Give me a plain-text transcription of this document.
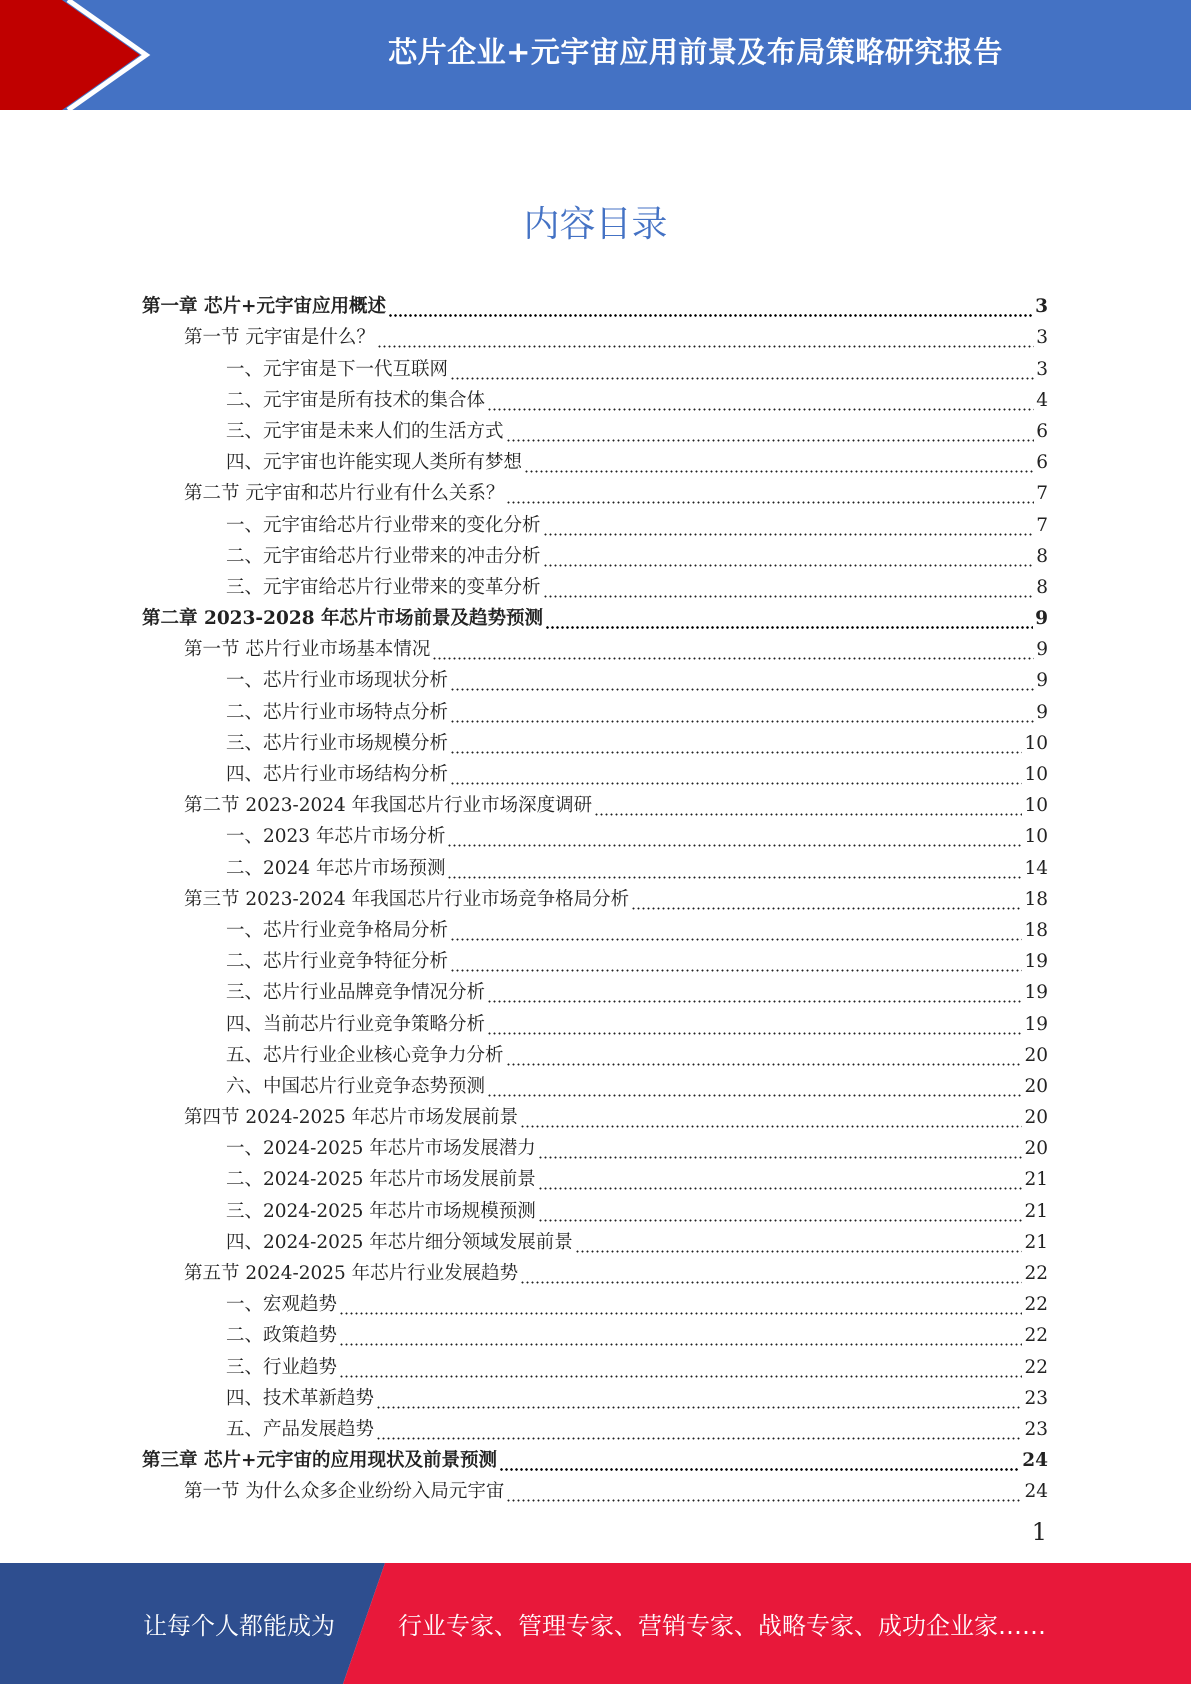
芯片企业+元宇宙应用前景及布局策略研究报告
内容目录
第一章 芯片+元宇宙应用概述	3
第一节 元宇宙是什么？	3
一、元宇宙是下一代互联网	3
二、元宇宙是所有技术的集合体	4
三、元宇宙是未来人们的生活方式	6
四、元宇宙也许能实现人类所有梦想	6
第二节 元宇宙和芯片行业有什么关系？	7
一、元宇宙给芯片行业带来的变化分析	7
二、元宇宙给芯片行业带来的冲击分析	8
三、元宇宙给芯片行业带来的变革分析	8
第二章 2023-2028 年芯片市场前景及趋势预测	9
第一节 芯片行业市场基本情况	9
一、芯片行业市场现状分析	9
二、芯片行业市场特点分析	9
三、芯片行业市场规模分析	10
四、芯片行业市场结构分析	10
第二节 2023-2024 年我国芯片行业市场深度调研	10
一、2023 年芯片市场分析	10
二、2024 年芯片市场预测	14
第三节 2023-2024 年我国芯片行业市场竞争格局分析	18
一、芯片行业竞争格局分析	18
二、芯片行业竞争特征分析	19
三、芯片行业品牌竞争情况分析	19
四、当前芯片行业竞争策略分析	19
五、芯片行业企业核心竞争力分析	20
六、中国芯片行业竞争态势预测	20
第四节 2024-2025 年芯片市场发展前景	20
一、2024-2025 年芯片市场发展潜力	20
二、2024-2025 年芯片市场发展前景	21
三、2024-2025 年芯片市场规模预测	21
四、2024-2025 年芯片细分领域发展前景	21
第五节 2024-2025 年芯片行业发展趋势	22
一、宏观趋势	22
二、政策趋势	22
三、行业趋势	22
四、技术革新趋势	23
五、产品发展趋势	23
第三章 芯片+元宇宙的应用现状及前景预测	24
第一节 为什么众多企业纷纷入局元宇宙	24
1
让每个人都能成为	行业专家、管理专家、营销专家、战略专家、成功企业家……
